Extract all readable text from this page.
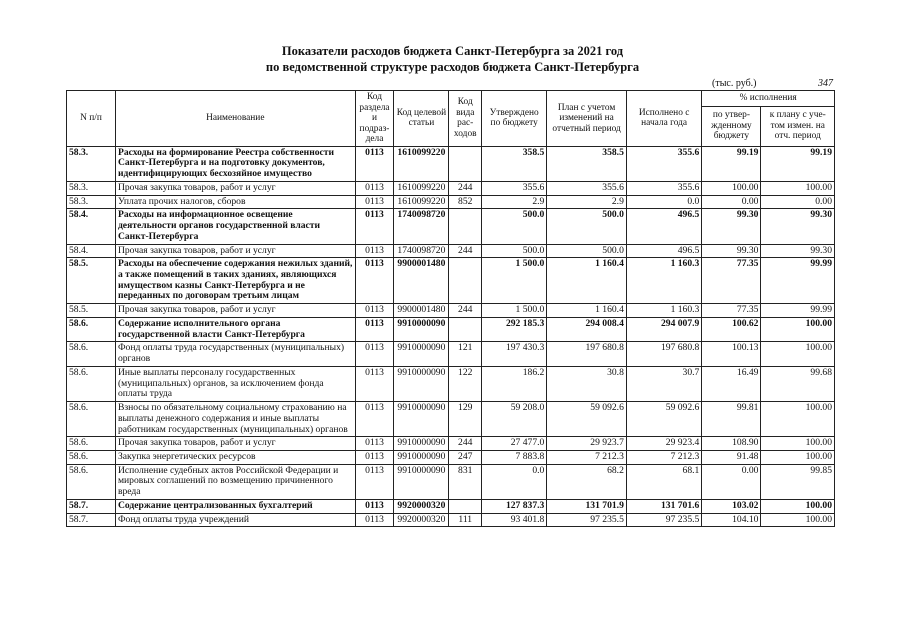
Показатели расходов бюджета Санкт-Петербурга за 2021 год
по ведомственной структуре расходов бюджета Санкт-Петербурга
(тыс. руб.)	347
N п/п	Наименование	Код раздела и подраз-дела	Код целевой статьи	Код вида рас-ходов	Утверждено по бюджету	План с учетом изменений на отчетный период	Исполнено с начала года	% исполнения	
								по утвер-жденному бюджету	к плану с уче-том измен. на отч. период
58.3.	Расходы на формирование Реестра собственности Санкт-Петербурга и на подготовку документов, идентифицирующих бесхозяйное имущество	0113	1610099220		358.5	358.5	355.6	99.19	99.19
58.3.	Прочая закупка товаров, работ и услуг	0113	1610099220	244	355.6	355.6	355.6	100.00	100.00
58.3.	Уплата прочих налогов, сборов	0113	1610099220	852	2.9	2.9	0.0	0.00	0.00
58.4.	Расходы на информационное освещение деятельности органов государственной власти Санкт-Петербурга	0113	1740098720		500.0	500.0	496.5	99.30	99.30
58.4.	Прочая закупка товаров, работ и услуг	0113	1740098720	244	500.0	500.0	496.5	99.30	99.30
58.5.	Расходы на обеспечение содержания нежилых зданий, а также помещений в таких зданиях, являющихся имуществом казны Санкт-Петербурга и не переданных по договорам третьим лицам	0113	9900001480		1 500.0	1 160.4	1 160.3	77.35	99.99
58.5.	Прочая закупка товаров, работ и услуг	0113	9900001480	244	1 500.0	1 160.4	1 160.3	77.35	99.99
58.6.	Содержание исполнительного органа государственной власти Санкт-Петербурга	0113	9910000090		292 185.3	294 008.4	294 007.9	100.62	100.00
58.6.	Фонд оплаты труда государственных (муниципальных) органов	0113	9910000090	121	197 430.3	197 680.8	197 680.8	100.13	100.00
58.6.	Иные выплаты персоналу государственных (муниципальных) органов, за исключением фонда оплаты труда	0113	9910000090	122	186.2	30.8	30.7	16.49	99.68
58.6.	Взносы по обязательному социальному страхованию на выплаты денежного содержания и иные выплаты работникам государственных (муниципальных) органов	0113	9910000090	129	59 208.0	59 092.6	59 092.6	99.81	100.00
58.6.	Прочая закупка товаров, работ и услуг	0113	9910000090	244	27 477.0	29 923.7	29 923.4	108.90	100.00
58.6.	Закупка энергетических ресурсов	0113	9910000090	247	7 883.8	7 212.3	7 212.3	91.48	100.00
58.6.	Исполнение судебных актов Российской Федерации и мировых соглашений по возмещению причиненного вреда	0113	9910000090	831	0.0	68.2	68.1	0.00	99.85
58.7.	Содержание централизованных бухгалтерий	0113	9920000320		127 837.3	131 701.9	131 701.6	103.02	100.00
58.7.	Фонд оплаты труда учреждений	0113	9920000320	111	93 401.8	97 235.5	97 235.5	104.10	100.00
